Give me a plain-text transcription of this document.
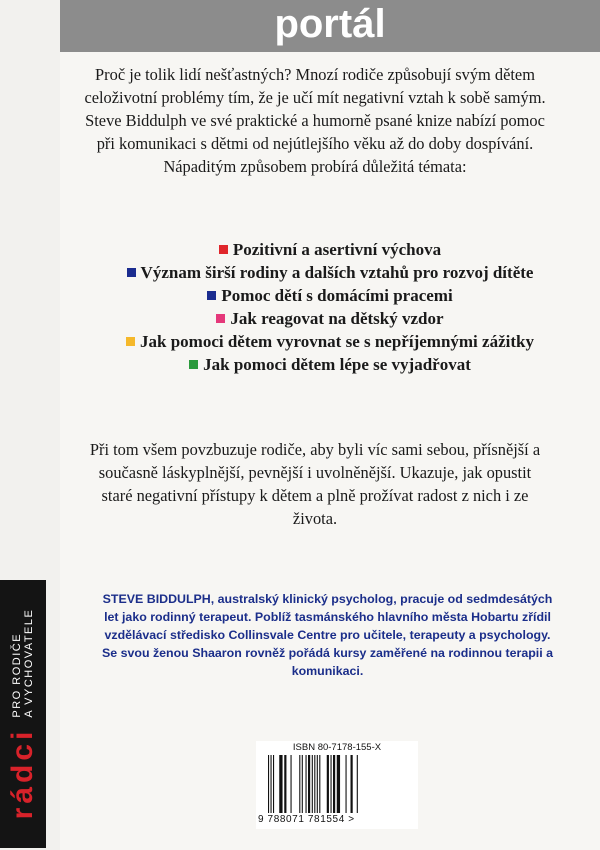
portál
rádci
PRO RODIČE A VYCHOVATELE

Proč je tolik lidí nešťastných? Mnozí rodiče způsobují svým dětem celoživotní problémy tím, že je učí mít negativní vztah k sobě samým. Steve Biddulph ve své praktické a humorně psané knize nabízí pomoc při komunikaci s dětmi od nejútlejšího věku až do doby dospívání. Nápaditým způsobem probírá důležitá témata:

Pozitivní a asertivní výchova
Význam širší rodiny a dalších vztahů pro rozvoj dítěte
Pomoc dětí s domácími pracemi
Jak reagovat na dětský vzdor
Jak pomoci dětem vyrovnat se s nepříjemnými zážitky
Jak pomoci dětem lépe se vyjadřovat

Při tom všem povzbuzuje rodiče, aby byli víc sami sebou, přísnější a současně láskyplnější, pevnější i uvolněnější. Ukazuje, jak opustit staré negativní přístupy k dětem a plně prožívat radost z nich i ze života.

STEVE BIDDULPH, australský klinický psycholog, pracuje od sedmdesátých let jako rodinný terapeut. Poblíž tasmánského hlavního města Hobartu zřídil vzdělávací středisko Collinsvale Centre pro učitele, terapeuty a psychology. Se svou ženou Shaaron rovněž pořádá kursy zaměřené na rodinnou terapii a komunikaci.

ISBN 80-7178-155-X
9 788071 781554 >
